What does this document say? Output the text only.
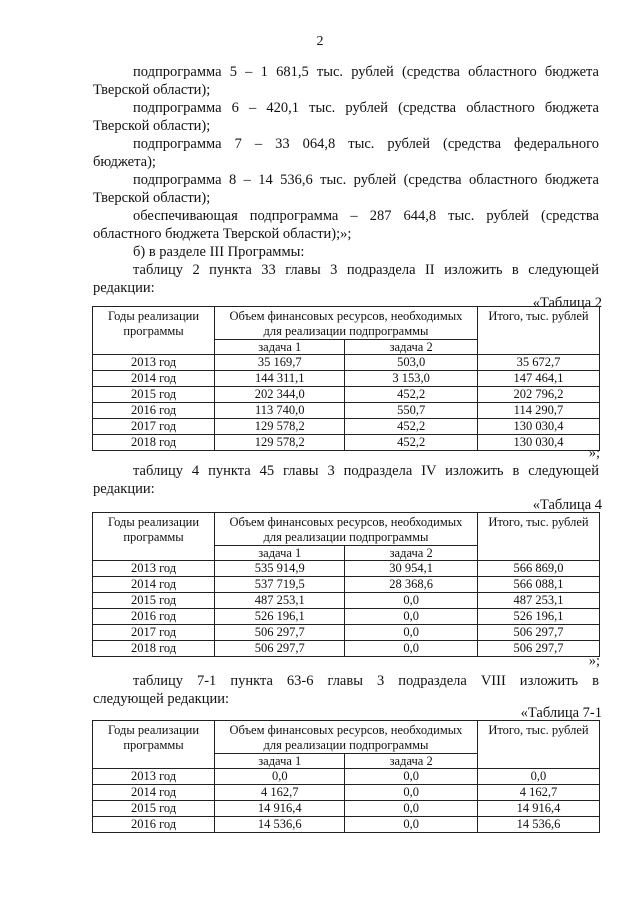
2
подпрограмма 5 – 1 681,5 тыс. рублей (средства областного бюджета
Тверской области);
подпрограмма 6 – 420,1 тыс. рублей (средства областного бюджета
Тверской области);
подпрограмма 7 – 33 064,8 тыс. рублей (средства федерального
бюджета);
подпрограмма 8 – 14 536,6 тыс. рублей (средства областного бюджета
Тверской области);
обеспечивающая подпрограмма – 287 644,8 тыс. рублей (средства
областного бюджета Тверской области);»;
б) в разделе III Программы:
таблицу 2 пункта 33 главы 3 подраздела II изложить в следующей
редакции:
«Таблица 2
Годы реализации программы	Объем финансовых ресурсов, необходимых для реализации подпрограммы		Итого, тыс. рублей
	задача 1	задача 2	
2013 год	35 169,7	503,0	35 672,7
2014 год	144 311,1	3 153,0	147 464,1
2015 год	202 344,0	452,2	202 796,2
2016 год	113 740,0	550,7	114 290,7
2017 год	129 578,2	452,2	130 030,4
2018 год	129 578,2	452,2	130 030,4
»;
таблицу 4 пункта 45 главы 3 подраздела IV изложить в следующей
редакции:
«Таблица 4
Годы реализации программы	Объем финансовых ресурсов, необходимых для реализации подпрограммы		Итого, тыс. рублей
	задача 1	задача 2	
2013 год	535 914,9	30 954,1	566 869,0
2014 год	537 719,5	28 368,6	566 088,1
2015 год	487 253,1	0,0	487 253,1
2016 год	526 196,1	0,0	526 196,1
2017 год	506 297,7	0,0	506 297,7
2018 год	506 297,7	0,0	506 297,7
»;
таблицу 7-1 пункта 63-6 главы 3 подраздела VIII изложить в
следующей редакции:
«Таблица 7-1
Годы реализации программы	Объем финансовых ресурсов, необходимых для реализации подпрограммы		Итого, тыс. рублей
	задача 1	задача 2	
2013 год	0,0	0,0	0,0
2014 год	4 162,7	0,0	4 162,7
2015 год	14 916,4	0,0	14 916,4
2016 год	14 536,6	0,0	14 536,6
